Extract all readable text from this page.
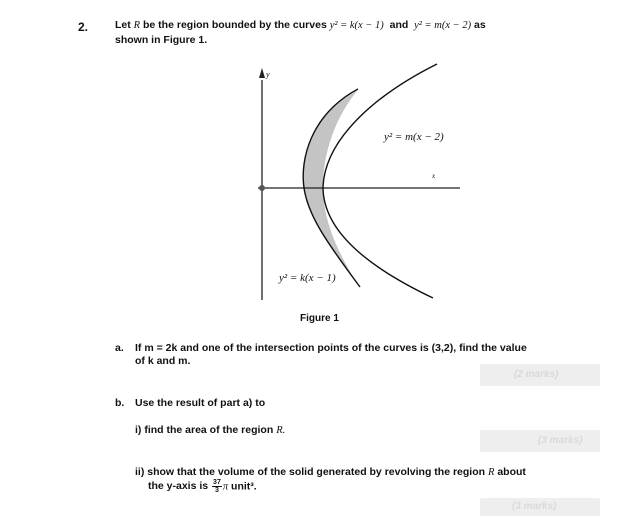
2.	Let R be the region bounded by the curves y² = k(x − 1) and y² = m(x − 2) as
shown in Figure 1.
y
x
y² = m(x − 2)
y² = k(x − 1)
Figure 1
a. If m = 2k and one of the intersection points of the curves is (3,2), find the value
of k and m.
(2 marks)
b. Use the result of part a) to
i) find the area of the region R.
(3 marks)
ii) show that the volume of the solid generated by revolving the region R about
the y-axis is $\frac{37}{3}$ π unit³.
(3 marks)
